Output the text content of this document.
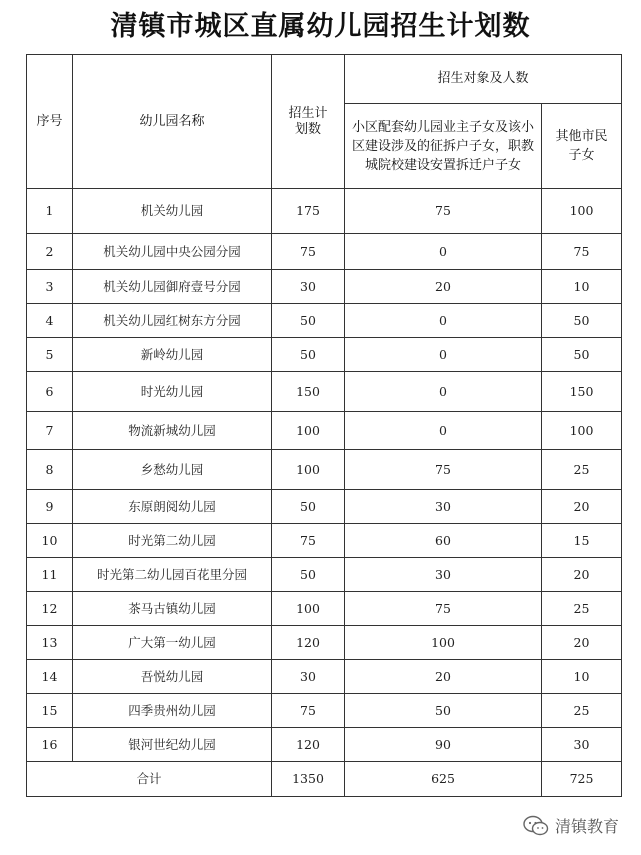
清镇市城区直属幼儿园招生计划数
序号	幼儿园名称	招生计划数	招生对象及人数	
			小区配套幼儿园业主子女及该小区建设涉及的征拆户子女，职教城院校建设安置拆迁户子女	其他市民子女
1	机关幼儿园	175	75	100
2	机关幼儿园中央公园分园	75	0	75
3	机关幼儿园御府壹号分园	30	20	10
4	机关幼儿园红树东方分园	50	0	50
5	新岭幼儿园	50	0	50
6	时光幼儿园	150	0	150
7	物流新城幼儿园	100	0	100
8	乡愁幼儿园	100	75	25
9	东原朗阅幼儿园	50	30	20
10	时光第二幼儿园	75	60	15
11	时光第二幼儿园百花里分园	50	30	20
12	茶马古镇幼儿园	100	75	25
13	广大第一幼儿园	120	100	20
14	吾悦幼儿园	30	20	10
15	四季贵州幼儿园	75	50	25
16	银河世纪幼儿园	120	90	30
合计		1350	625	725
清镇教育
